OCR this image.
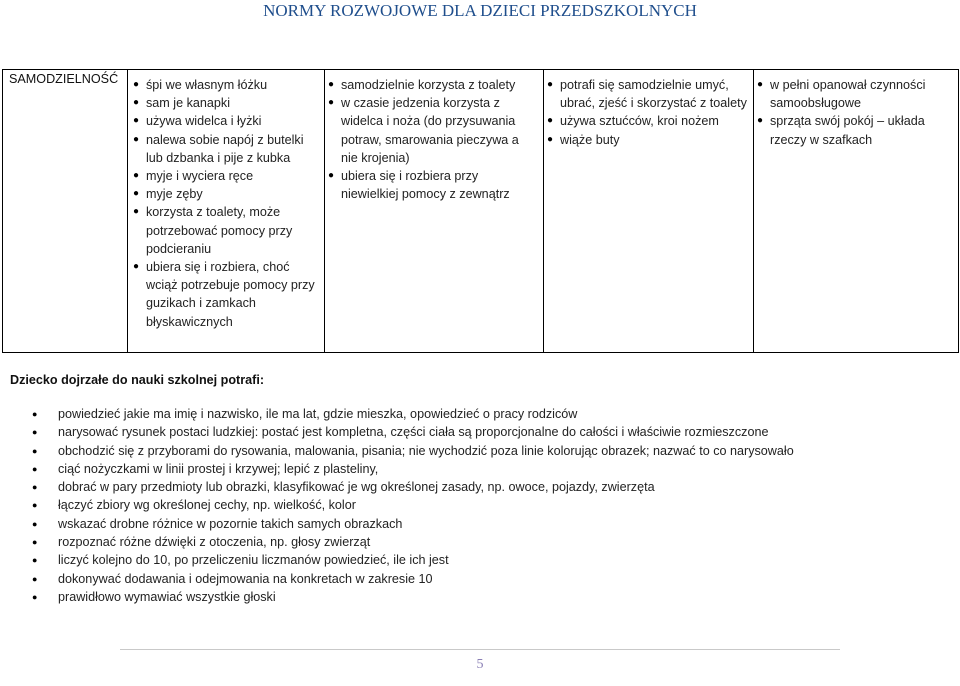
NORMY ROZWOJOWE DLA DZIECI PRZEDSZKOLNYCH
SAMODZIELNOŚĆ	
●śpi we własnym łóżku
● sam je kanapki
● używa widelca i łyżki
● nalewa sobie napój z butelki lub dzbanka i pije z kubka
● myje i wyciera ręce
● myje zęby
● korzysta z toalety, może potrzebować pomocy przy podcieraniu
● ubiera się i rozbiera, choć wciąż potrzebuje pomocy przy guzikach i zamkach błyskawicznych

● samodzielnie korzysta z toalety
● w czasie jedzenia korzysta z widelca i noża (do przysuwania potraw, smarowania pieczywa a nie krojenia)
● ubiera się i rozbiera przy niewielkiej pomocy z zewnątrz

● potrafi się samodzielnie umyć, ubrać, zjeść i skorzystać z toalety
● używa sztućców, kroi nożem
● wiąże buty

● w pełni opanował czynności samoobsługowe
● sprząta swój pokój – układa rzeczy w szafkach
Dziecko dojrzałe do nauki szkolnej potrafi:
● powiedzieć jakie ma imię i nazwisko, ile ma lat, gdzie mieszka, opowiedzieć o pracy rodziców
● narysować rysunek postaci ludzkiej: postać jest kompletna, części ciała są proporcjonalne do całości i właściwie rozmieszczone
● obchodzić się z przyborami do rysowania, malowania, pisania; nie wychodzić poza linie kolorując obrazek; nazwać to co narysowało
● ciąć nożyczkami w linii prostej i krzywej; lepić z plasteliny,
● dobrać w pary przedmioty lub obrazki, klasyfikować je wg określonej zasady, np. owoce, pojazdy, zwierzęta
● łączyć zbiory wg określonej cechy, np. wielkość, kolor
● wskazać drobne różnice w pozornie takich samych obrazkach
● rozpoznać różne dźwięki z otoczenia, np. głosy zwierząt
● liczyć kolejno do 10, po przeliczeniu liczmanów powiedzieć, ile ich jest
● dokonywać dodawania i odejmowania na konkretach w zakresie 10
● prawidłowo wymawiać wszystkie głoski
5
